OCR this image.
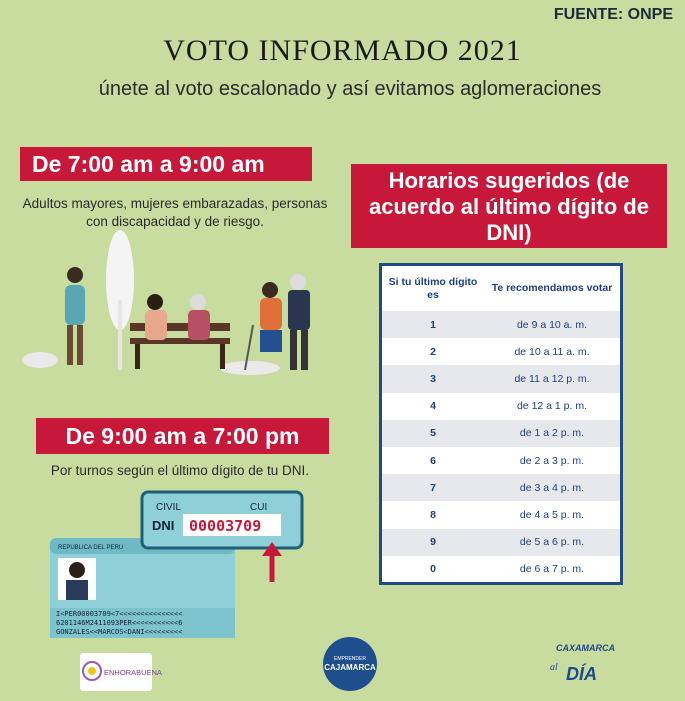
FUENTE: ONPE
VOTO INFORMADO 2021
únete al voto escalonado y así evitamos aglomeraciones
De 7:00 am a 9:00 am
Adultos mayores, mujeres embarazadas, personas con discapacidad y de riesgo.
De 9:00 am a 7:00 pm
Por turnos según el último dígito de tu DNI.
REPUBLICA DEL PERU
I<PER00003709<7<<<<<<<<<<<<<<<
6201146M2411093PER<<<<<<<<<<<6
GONZALES<<MARCOS<DANI<<<<<<<<<
CIVIL	CUI
DNI 00003709
Horarios sugeridos (de acuerdo al último dígito de DNI)
Si tu último dígito es
Te recomendamos votar
1	de 9 a 10 a. m.
2	de 10 a 11 a. m.
3	de 11 a 12 p. m.
4	de 12 a 1 p. m.
5	de 1 a 2 p. m.
6	de 2 a 3 p. m.
7	de 3 a 4 p. m.
8	de 4 a 5 p. m.
9	de 5 a 6 p. m.
0	de 6 a 7 p. m.
ENHORABUENA
EMPRENDER
CAJAMARCA
CAXAMARCA
al DÍA
